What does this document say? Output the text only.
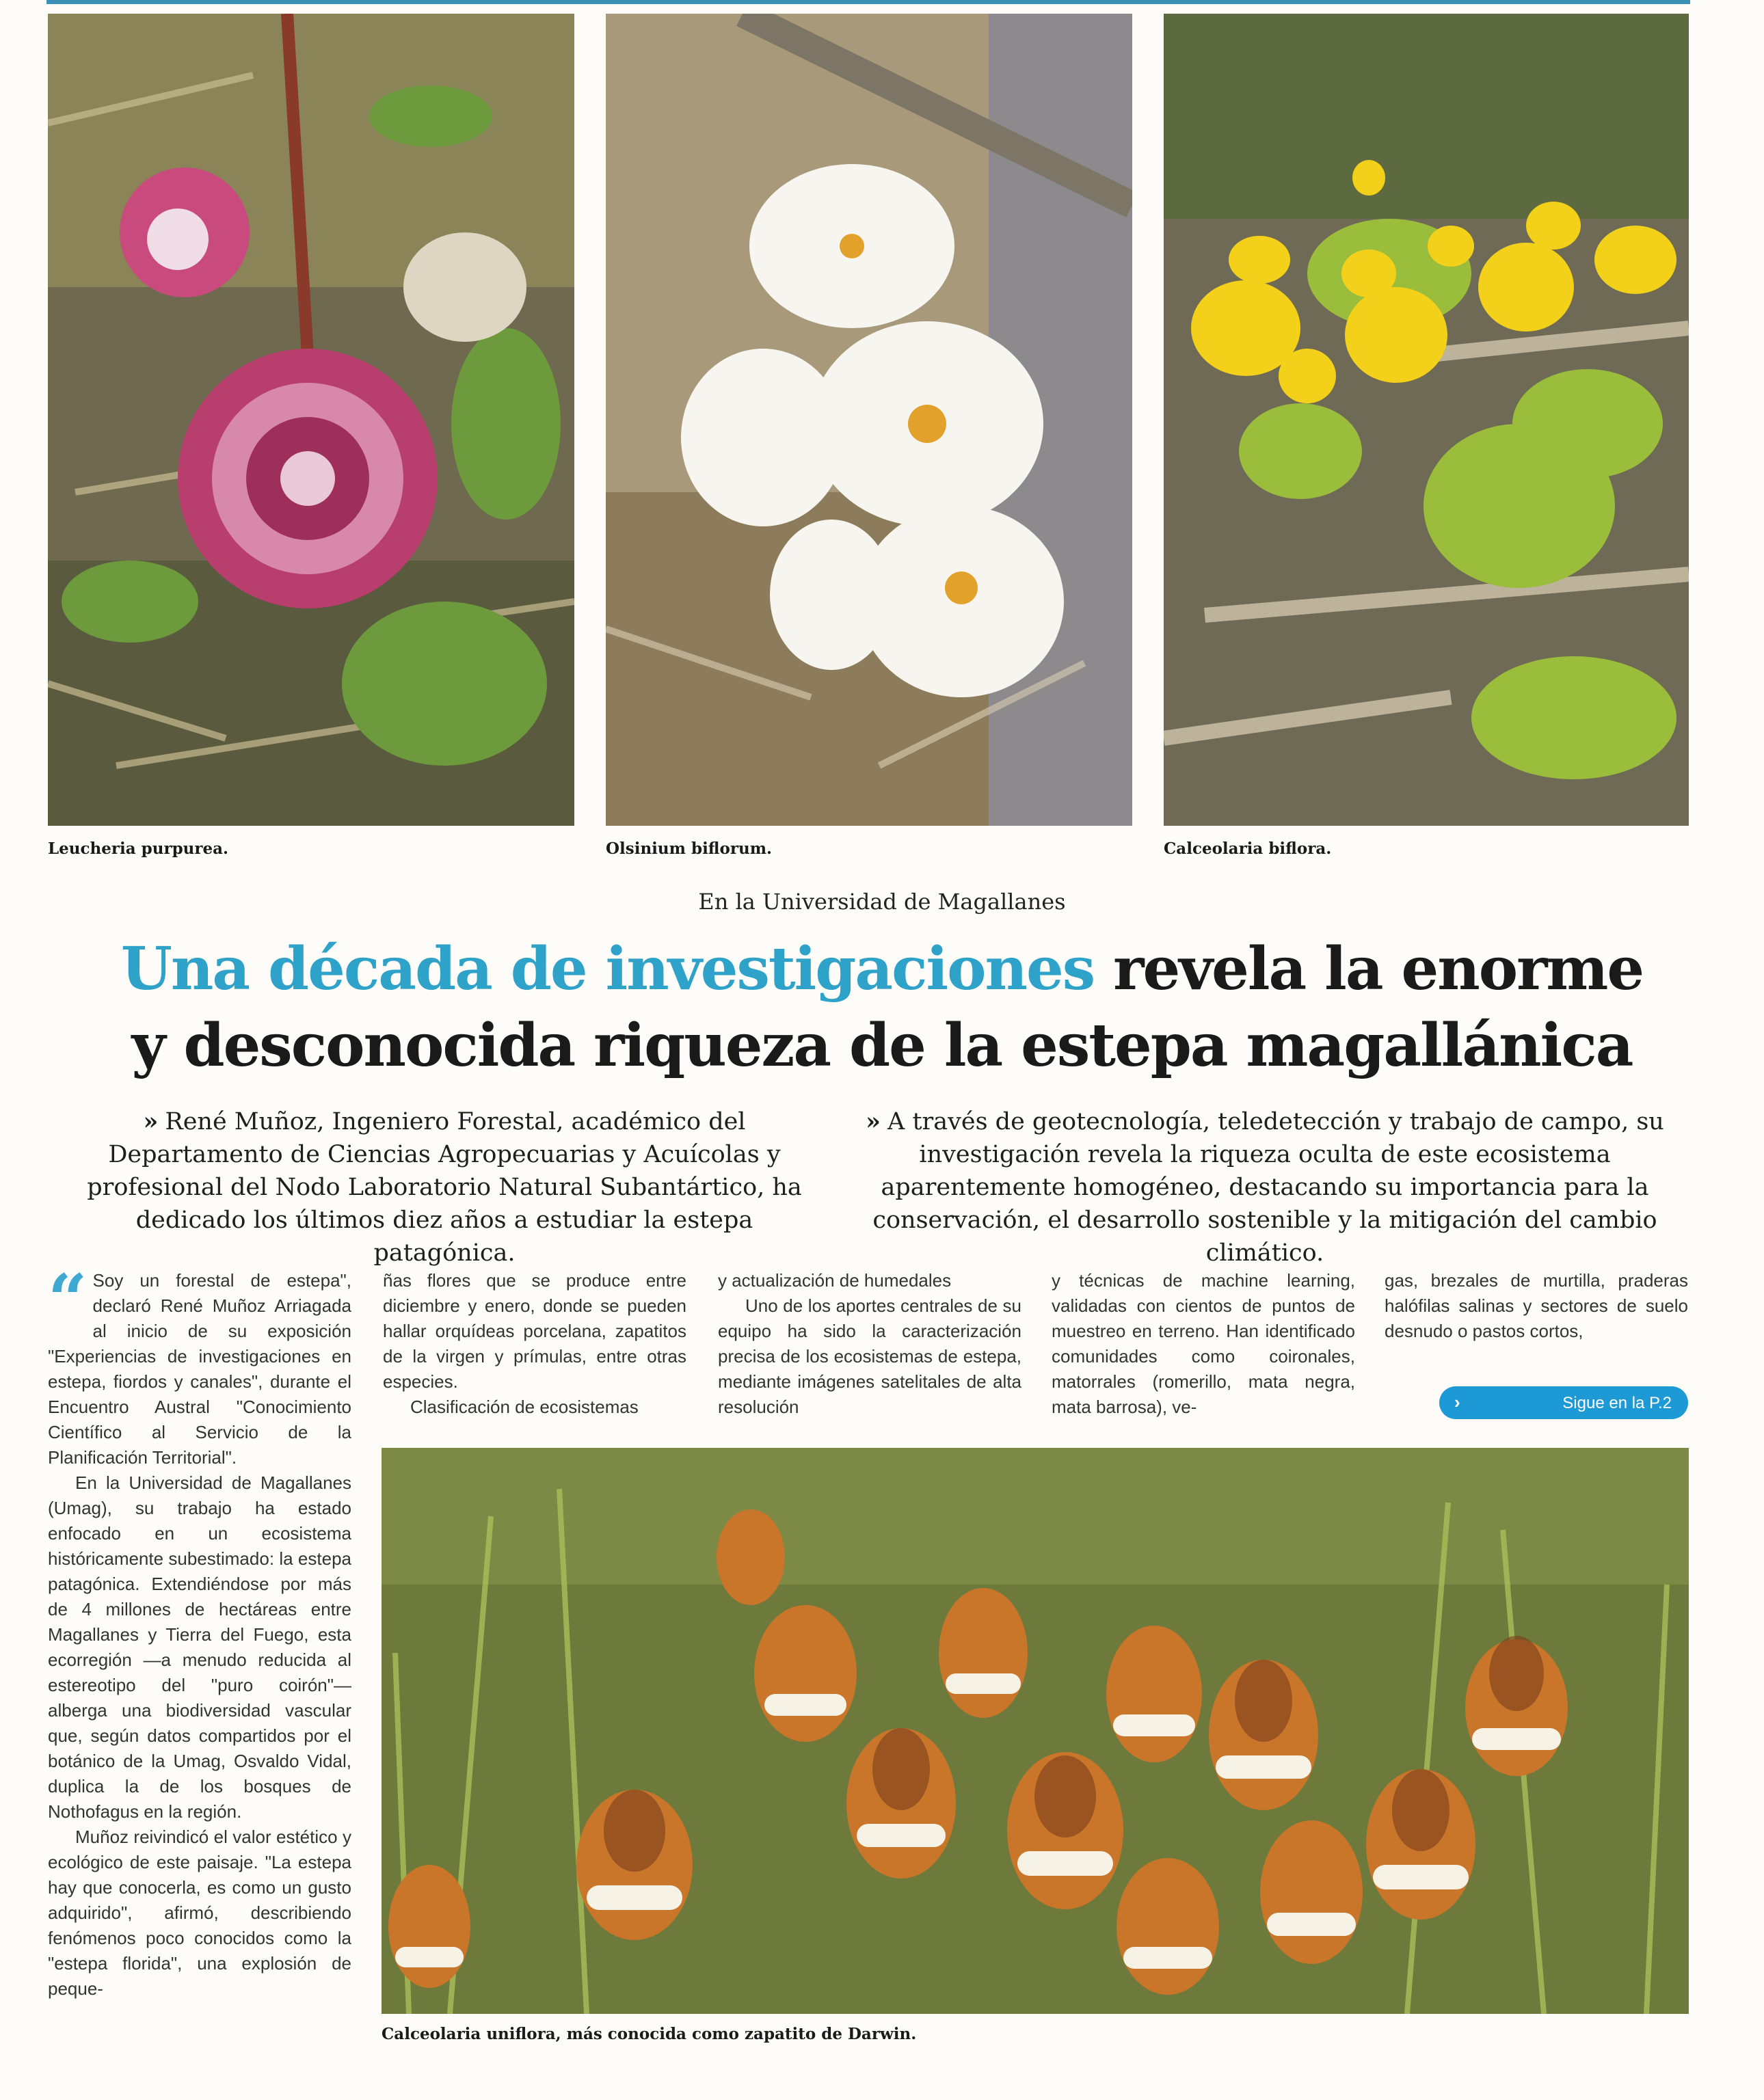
Leucheria purpurea.	Olsinium biflorum.	Calceolaria biflora.
En la Universidad de Magallanes
Una década de investigaciones revela la enorme
y desconocida riqueza de la estepa magallánica
» René Muñoz, Ingeniero Forestal, académico del Departamento de Ciencias Agropecuarias y Acuícolas y profesional del Nodo Laboratorio Natural Subantártico, ha dedicado los últimos diez años a estudiar la estepa patagónica.
» A través de geotecnología, teledetección y trabajo de campo, su investigación revela la riqueza oculta de este ecosistema aparentemente homogéneo, destacando su importancia para la conservación, el desarrollo sostenible y la mitigación del cambio climático.

“ Soy un forestal de estepa", declaró René Muñoz Arriagada al inicio de su exposición "Experiencias de investigaciones en estepa, fiordos y canales", durante el Encuentro Austral "Conocimiento Científico al Servicio de la Planificación Territorial".

En la Universidad de Magallanes (Umag), su trabajo ha estado enfocado en un ecosistema históricamente subestimado: la estepa patagónica. Extendiéndose por más de 4 millones de hectáreas entre Magallanes y Tierra del Fuego, esta ecorregión —a menudo reducida al estereotipo del "puro coirón"— alberga una biodiversidad vascular que, según datos compartidos por el botánico de la Umag, Osvaldo Vidal, duplica la de los bosques de Nothofagus en la región.

Muñoz reivindicó el valor estético y ecológico de este paisaje. "La estepa hay que conocerla, es como un gusto adquirido", afirmó, describiendo fenómenos poco conocidos como la "estepa florida", una explosión de peque-

ñas flores que se produce entre diciembre y enero, donde se pueden hallar orquídeas porcelana, zapatitos de la virgen y prímulas, entre otras especies.

Clasificación de ecosistemas

y actualización de humedales

Uno de los aportes centrales de su equipo ha sido la caracterización precisa de los ecosistemas de estepa, mediante imágenes satelitales de alta resolución

y técnicas de machine learning, validadas con cientos de puntos de muestreo en terreno. Han identificado comunidades como coironales, matorrales (romerillo, mata negra, mata barrosa), ve-

gas, brezales de murtilla, praderas halófilas salinas y sectores de suelo desnudo o pastos cortos,

›	Sigue en la P.2
Calceolaria uniflora, más conocida como zapatito de Darwin.
